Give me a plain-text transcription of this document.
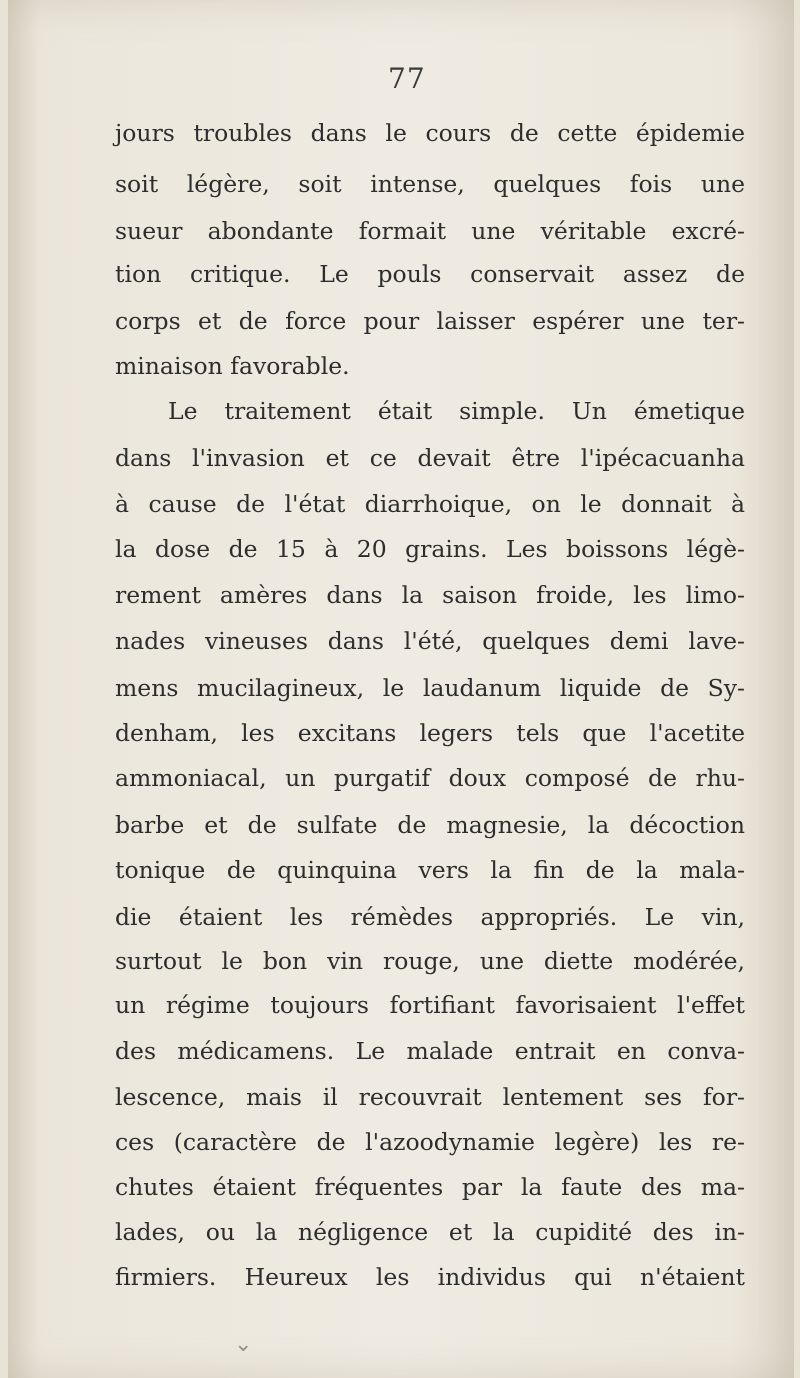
77
jours troubles dans le cours de cette épidemie
soit légère, soit intense, quelques fois une
sueur abondante formait une véritable excré-
tion critique. Le pouls conservait assez de
corps et de force pour laisser espérer une ter-
minaison favorable.
Le traitement était simple. Un émetique
dans l'invasion et ce devait être l'ipécacuanha
à cause de l'état diarrhoique, on le donnait à
la dose de 15 à 20 grains. Les boissons légè-
rement amères dans la saison froide, les limo-
nades vineuses dans l'été, quelques demi lave-
mens mucilagineux, le laudanum liquide de Sy-
denham, les excitans legers tels que l'acetite
ammoniacal, un purgatif doux composé de rhu-
barbe et de sulfate de magnesie, la décoction
tonique de quinquina vers la fin de la mala-
die étaient les rémèdes appropriés. Le vin,
surtout le bon vin rouge, une diette modérée,
un régime toujours fortifiant favorisaient l'effet
des médicamens. Le malade entrait en conva-
lescence, mais il recouvrait lentement ses for-
ces (caractère de l'azoodynamie legère) les re-
chutes étaient fréquentes par la faute des ma-
lades, ou la négligence et la cupidité des in-
firmiers. Heureux les individus qui n'étaient
⌄
